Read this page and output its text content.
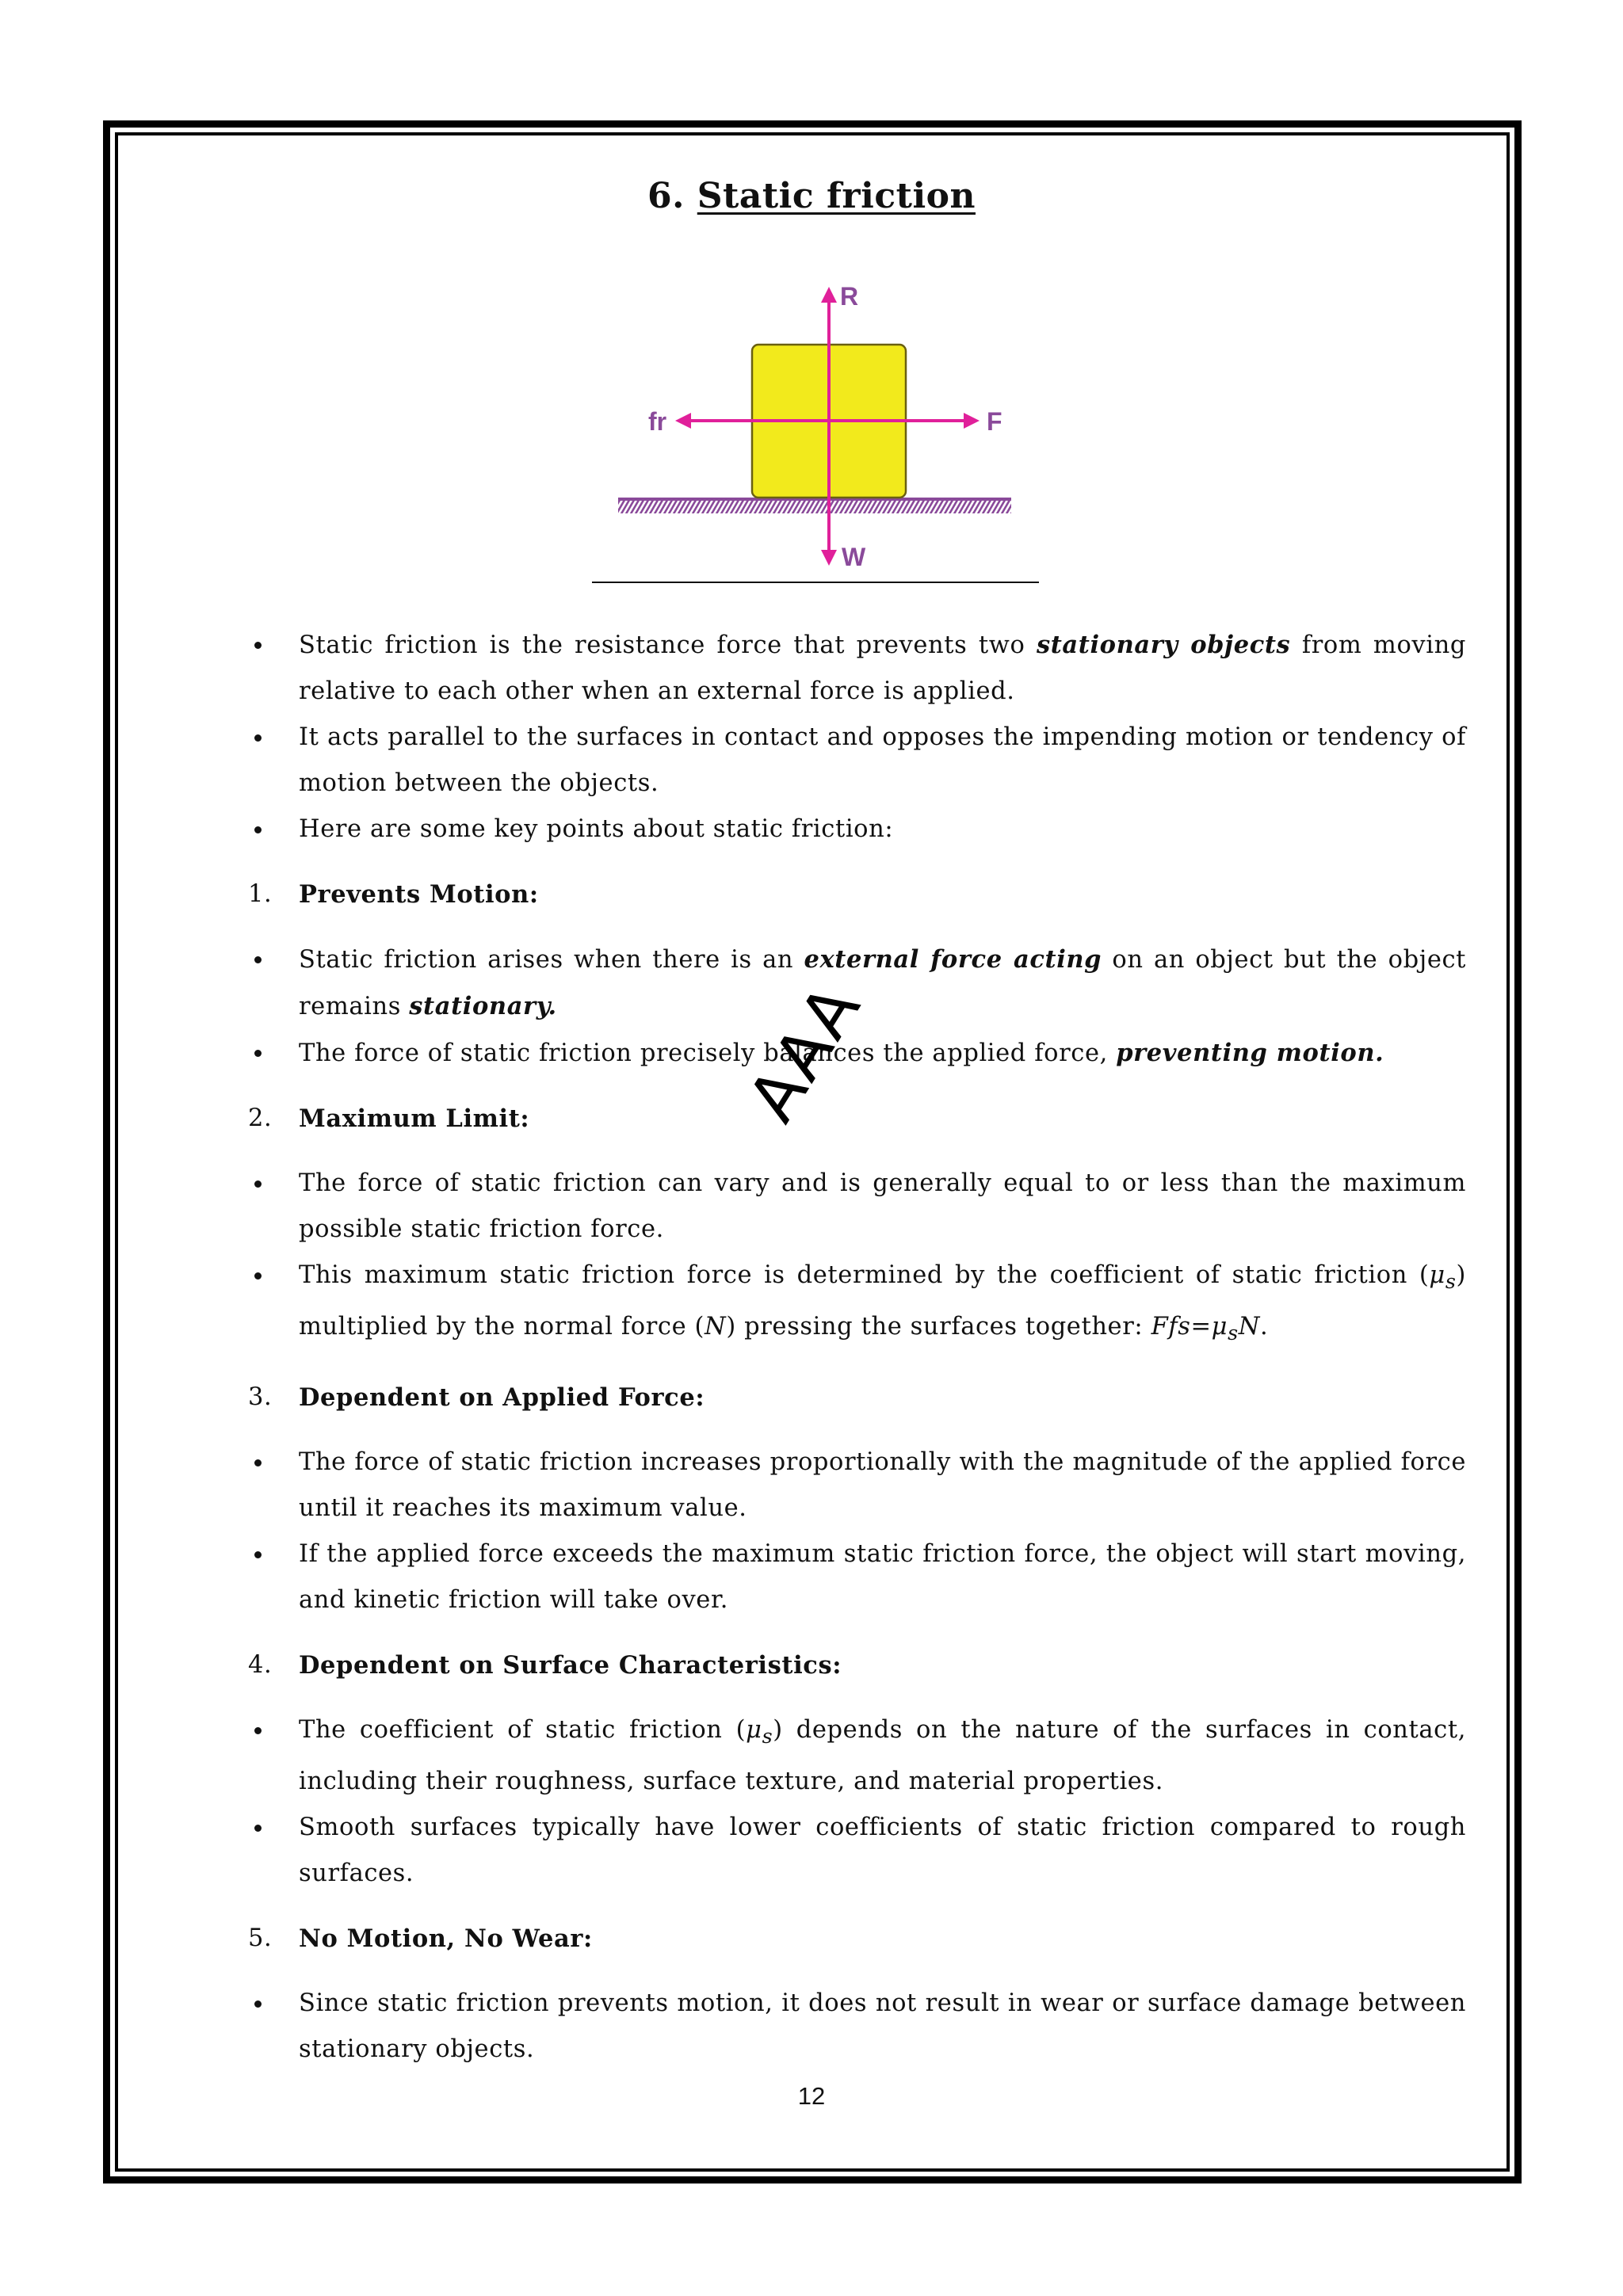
6. Static friction
R
fr	F
W
Static friction is the resistance force that prevents two stationary objects from moving relative to each other when an external force is applied.
It acts parallel to the surfaces in contact and opposes the impending motion or tendency of motion between the objects.
Here are some key points about static friction:
1. Prevents Motion:
Static friction arises when there is an external force acting on an object but the object remains stationary.
The force of static friction precisely balances the applied force, preventing motion.
2. Maximum Limit:
The force of static friction can vary and is generally equal to or less than the maximum possible static friction force.
This maximum static friction force is determined by the coefficient of static friction $(\mu_s)$ multiplied by the normal force (N) pressing the surfaces together: $Ffs=\mu_sN$.
3. Dependent on Applied Force:
The force of static friction increases proportionally with the magnitude of the applied force until it reaches its maximum value.
If the applied force exceeds the maximum static friction force, the object will start moving, and kinetic friction will take over.
4. Dependent on Surface Characteristics:
The coefficient of static friction $(\mu_s)$ depends on the nature of the surfaces in contact, including their roughness, surface texture, and material properties.
Smooth surfaces typically have lower coefficients of static friction compared to rough surfaces.
5. No Motion, No Wear:
Since static friction prevents motion, it does not result in wear or surface damage between stationary objects.
AAA
12
